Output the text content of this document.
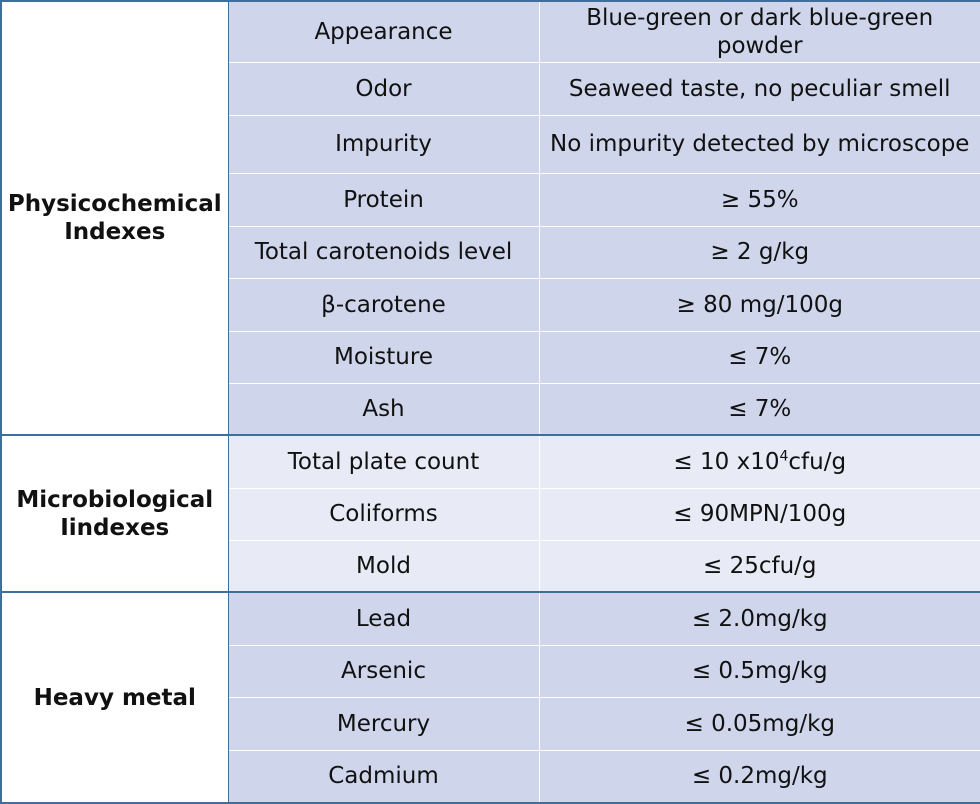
Physicochemical Indexes	Appearance	Blue-green or dark blue-green powder
	Odor	Seaweed taste, no peculiar smell
	Impurity	No impurity detected by microscope
	Protein	≥ 55%
	Total carotenoids level	≥ 2 g/kg
	β-carotene	≥ 80 mg/100g
	Moisture	≤ 7%
	Ash	≤ 7%
Microbiological Iindexes	Total plate count	≤ 10 $x10^4cfu/g$
	Coliforms	≤ 90MPN/100g
	Mold	≤ 25cfu/g
Heavy metal	Lead	≤ 2.0mg/kg
	Arsenic	≤ 0.5mg/kg
	Mercury	≤ 0.05mg/kg
	Cadmium	≤ 0.2mg/kg
